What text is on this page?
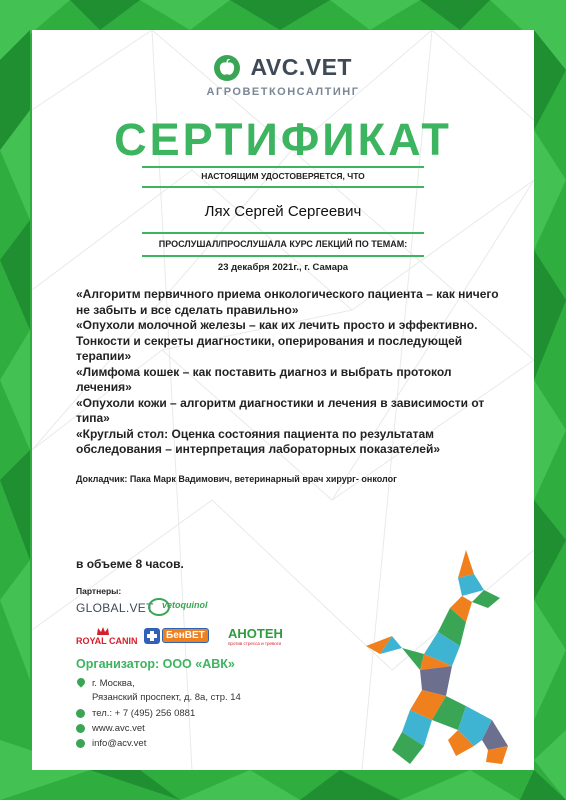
AVC.VET
АГРОВЕТКОНСАЛТИНГ
СЕРТИФИКАТ
НАСТОЯЩИМ УДОСТОВЕРЯЕТСЯ, ЧТО
Лях Сергей Сергеевич
ПРОСЛУШАЛ/ПРОСЛУШАЛА КУРС ЛЕКЦИЙ ПО ТЕМАМ:
23 декабря 2021г., г. Самара
«Алгоритм первичного приема онкологического пациента – как ничего не забыть и все сделать правильно»
«Опухоли молочной железы – как их лечить просто и эффективно. Тонкости и секреты диагностики, оперирования и последующей терапии»
«Лимфома кошек – как поставить диагноз и выбрать протокол лечения»
«Опухоли кожи – алгоритм диагностики и лечения в зависимости от типа»
«Круглый стол: Оценка состояния пациента по результатам обследования – интерпретация лабораторных показателей»
Докладчик: Пака Марк Вадимович, ветеринарный врач хирург- онколог
в объеме 8 часов.
Партнеры:
GLOBAL.VET vetoquinol
ROYAL CANIN	БенВЕТ	АНОТЕН
против стресса и тревоги
Организатор: ООО «АВК»
г. Москва,
Рязанский проспект, д. 8а, стр. 14
тел.: + 7 (495) 256 0881
www.avc.vet
info@acv.vet
